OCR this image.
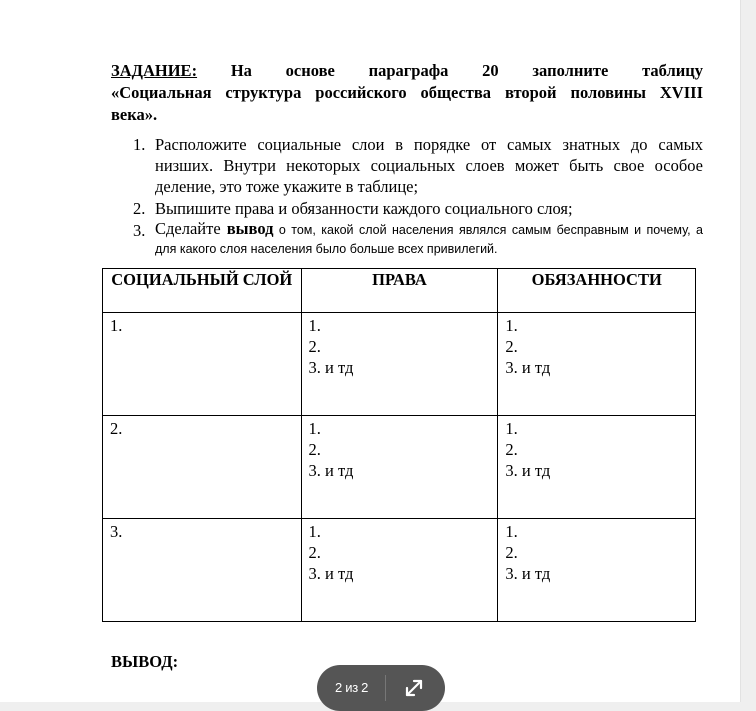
ЗАДАНИЕ: На основе параграфа 20 заполните таблицу
«Социальная структура российского общества второй половины XVIII
века».
1. Расположите социальные слои в порядке от самых знатных до самых низших. Внутри некоторых социальных слоев может быть свое особое деление, это тоже укажите в таблице;
2. Выпишите права и обязанности каждого социального слоя;
3. Сделайте вывод о том, какой слой населения являлся самым бесправным и почему, а для какого слоя населения было больше всех привилегий.
СОЦИАЛЬНЫЙ СЛОЙ	ПРАВА	ОБЯЗАННОСТИ
1.	1.
2.
3. и тд	1.
2.
3. и тд

2.	1.
2.
3. и тд	1.
2.
3. и тд

3.	1.
2.
3. и тд	1.
2.
3. и тд
ВЫВОД:
2 из 2
